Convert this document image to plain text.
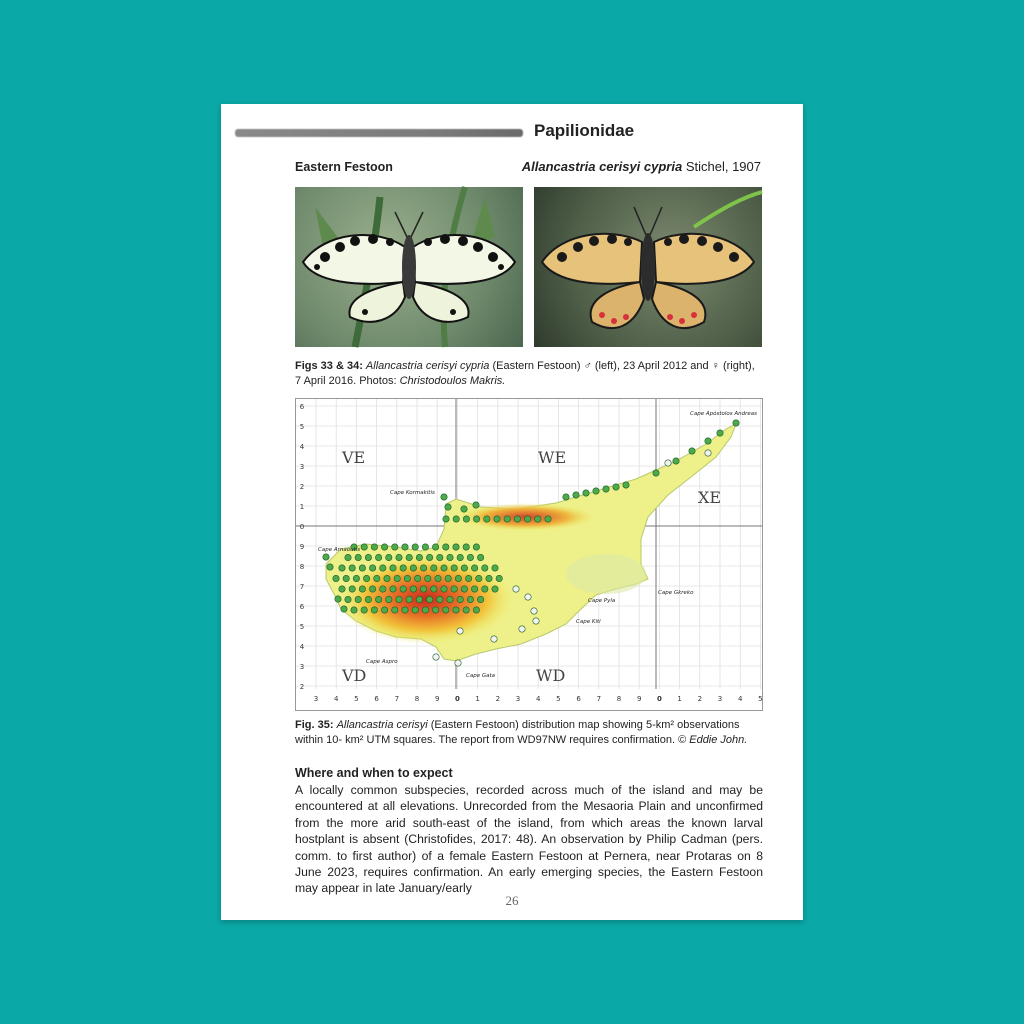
Papilionidae
Eastern Festoon	Allancastria cerisyi cypria Stichel, 1907
Figs 33 & 34: Allancastria cerisyi cypria (Eastern Festoon) ♂ (left), 23 April 2012 and ♀ (right), 7 April 2016. Photos: Christodoulos Makris.
3 4 5 6 7 8 9 0 1 2 3 4 5 6 7 8 9 0 1 2 3 4 5
6
5
4
3
2
1
0
9
8
7
6
5
4
3
2
VE	WE
XE
VD	WD
Cape Apóstolos Andreas
Cape Kormakitis
Cape Arnaoutis
Cape Pyla
Cape Gkreko
Cape Kiti
Cape Aspro
Cape Gata
Fig. 35: Allancastria cerisyi (Eastern Festoon) distribution map showing 5-km² observations within 10- km² UTM squares. The report from WD97NW requires confirmation. © Eddie John.
Where and when to expect
A locally common subspecies, recorded across much of the island and may be encountered at all elevations. Unrecorded from the Mesaoria Plain and unconfirmed from the more arid south-east of the island, from which areas the known larval hostplant is absent (Christofides, 2017: 48). An observation by Philip Cadman (pers. comm. to first author) of a female Eastern Festoon at Pernera, near Protaras on 8 June 2023, requires confirmation. An early emerging species, the Eastern Festoon may appear in late January/early
26
